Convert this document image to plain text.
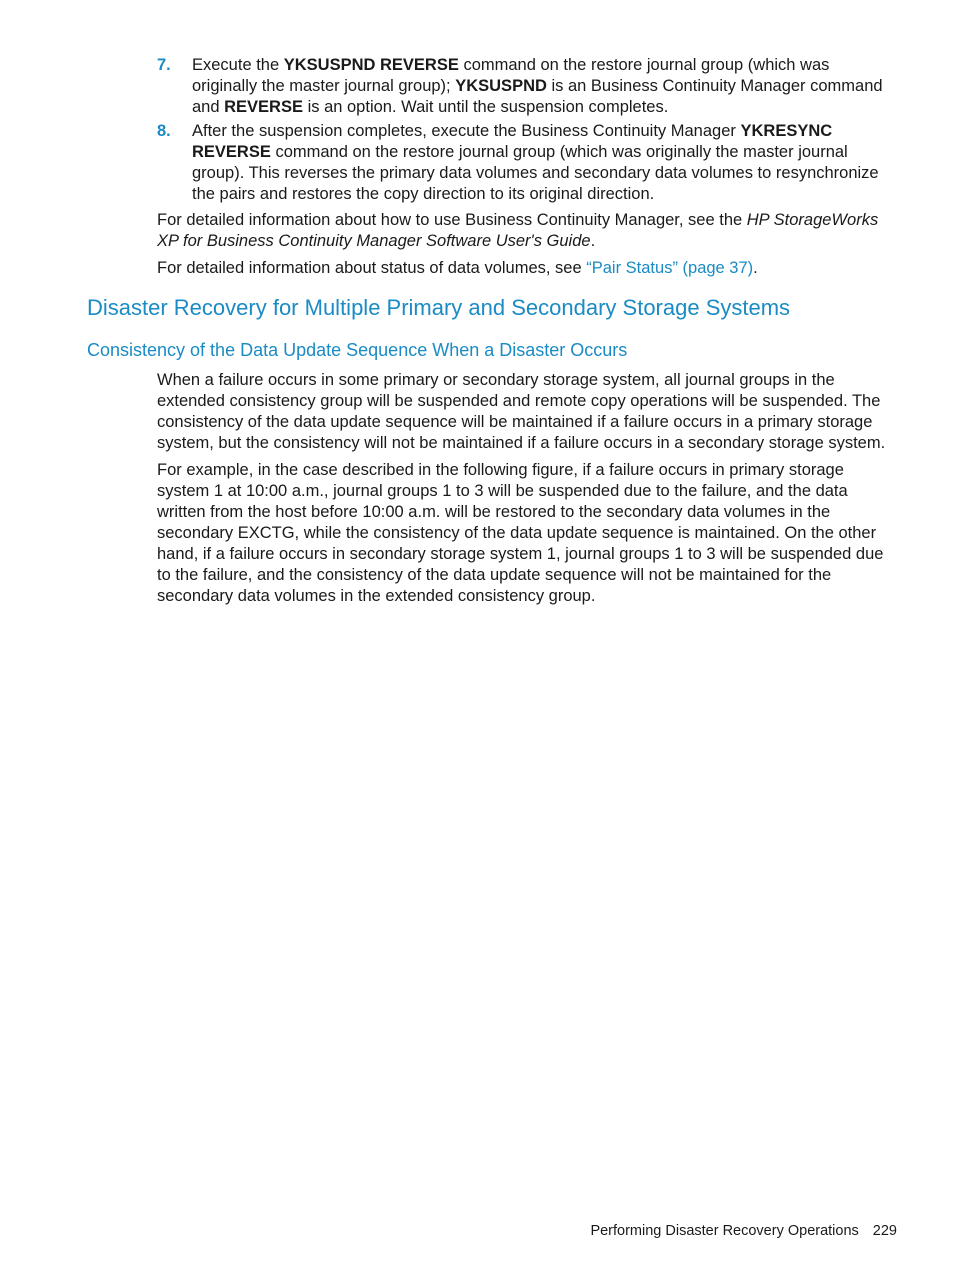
7. Execute the YKSUSPND REVERSE command on the restore journal group (which was originally the master journal group); YKSUSPND is an Business Continuity Manager command and REVERSE is an option. Wait until the suspension completes.
8. After the suspension completes, execute the Business Continuity Manager YKRESYNC REVERSE command on the restore journal group (which was originally the master journal group). This reverses the primary data volumes and secondary data volumes to resynchronize the pairs and restores the copy direction to its original direction.

For detailed information about how to use Business Continuity Manager, see the HP StorageWorks XP for Business Continuity Manager Software User's Guide.

For detailed information about status of data volumes, see “Pair Status” (page 37).

Disaster Recovery for Multiple Primary and Secondary Storage Systems
Consistency of the Data Update Sequence When a Disaster Occurs

When a failure occurs in some primary or secondary storage system, all journal groups in the extended consistency group will be suspended and remote copy operations will be suspended. The consistency of the data update sequence will be maintained if a failure occurs in a primary storage system, but the consistency will not be maintained if a failure occurs in a secondary storage system.

For example, in the case described in the following figure, if a failure occurs in primary storage system 1 at 10:00 a.m., journal groups 1 to 3 will be suspended due to the failure, and the data written from the host before 10:00 a.m. will be restored to the secondary data volumes in the secondary EXCTG, while the consistency of the data update sequence is maintained. On the other hand, if a failure occurs in secondary storage system 1, journal groups 1 to 3 will be suspended due to the failure, and the consistency of the data update sequence will not be maintained for the secondary data volumes in the extended consistency group.

Performing Disaster Recovery Operations 229
